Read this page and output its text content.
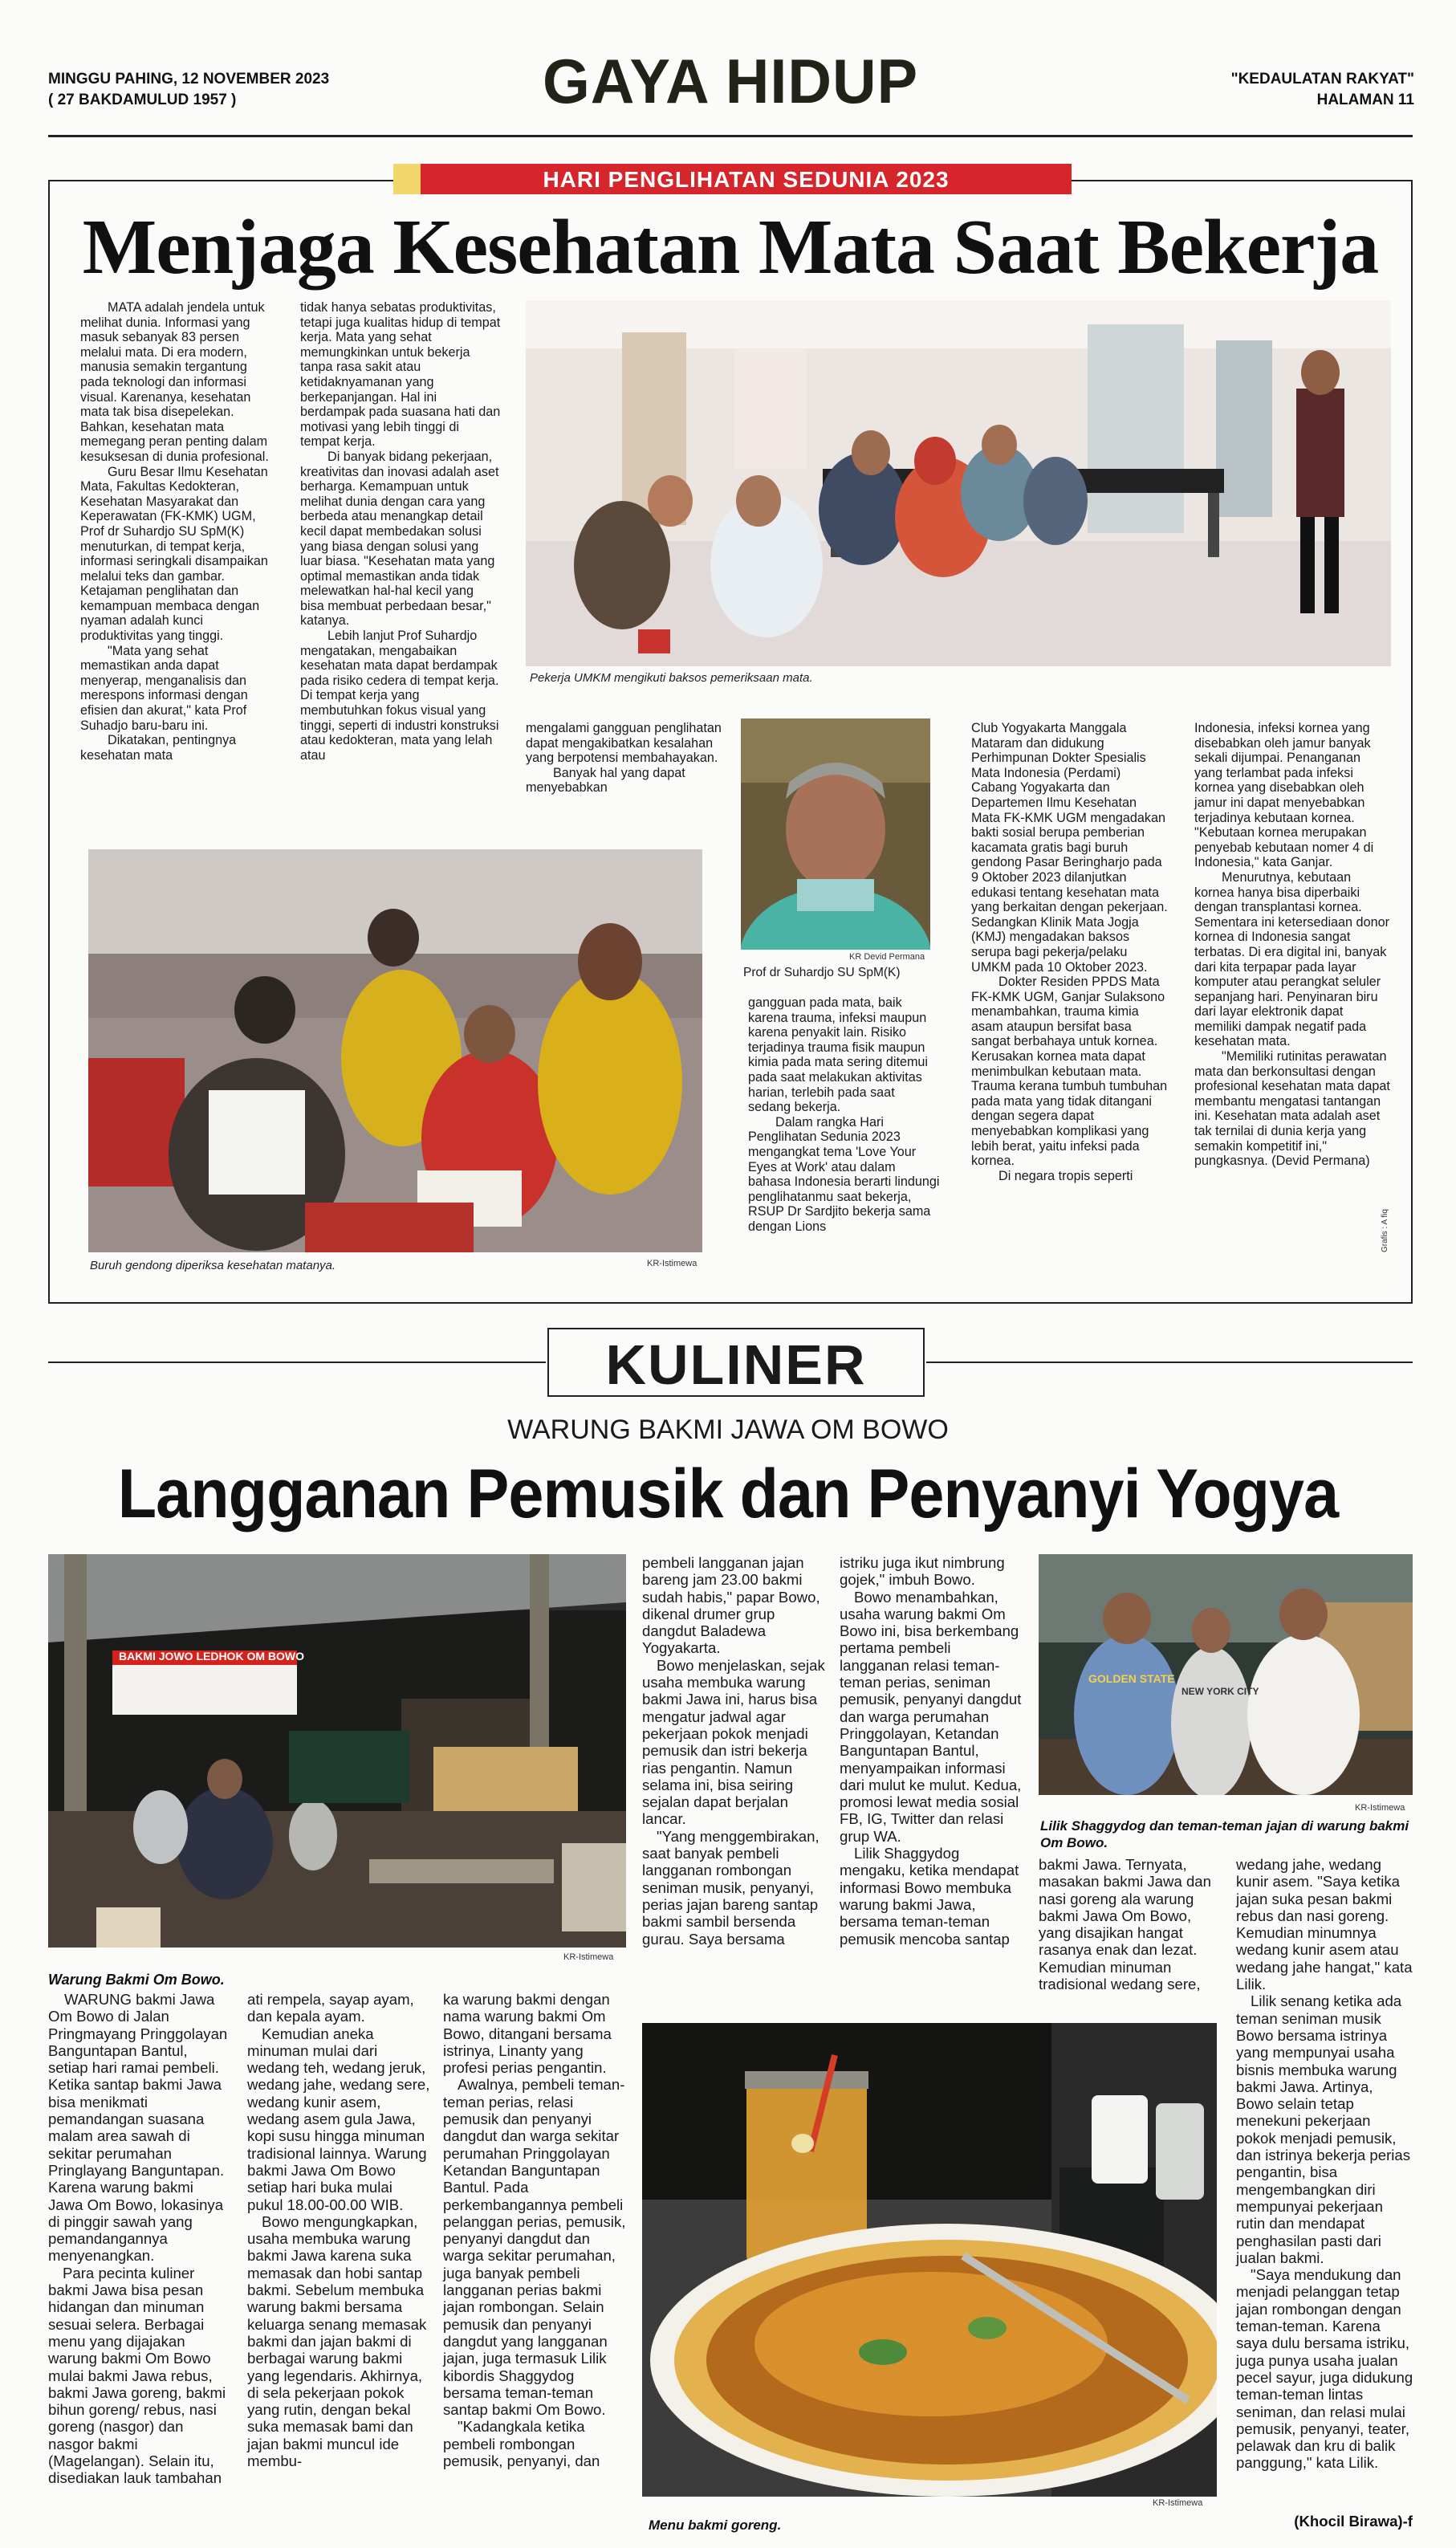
MINGGU PAHING, 12 NOVEMBER 2023
( 27 BAKDAMULUD 1957 )	GAYA HIDUP	"KEDAULATAN RAKYAT"
HALAMAN 11
HARI PENGLIHATAN SEDUNIA 2023
Menjaga Kesehatan Mata Saat Bekerja

MATA adalah jendela untuk melihat dunia. Informasi yang masuk sebanyak 83 persen melalui mata. Di era modern, manusia semakin tergantung pada teknologi dan informasi visual. Karenanya, kesehatan mata tak bisa disepelekan. Bahkan, kesehatan mata memegang peran penting dalam kesuksesan di dunia profesional.

Guru Besar Ilmu Kesehatan Mata, Fakultas Kedokteran, Kesehatan Masyarakat dan Keperawatan (FK-KMK) UGM, Prof dr Suhardjo SU SpM(K) menuturkan, di tempat kerja, informasi seringkali disampaikan melalui teks dan gambar. Ketajaman penglihatan dan kemampuan membaca dengan nyaman adalah kunci produktivitas yang tinggi.

"Mata yang sehat memastikan anda dapat menyerap, menganalisis dan merespons informasi dengan efisien dan akurat," kata Prof Suhadjo baru-baru ini.

Dikatakan, pentingnya kesehatan mata

tidak hanya sebatas produktivitas, tetapi juga kualitas hidup di tempat kerja. Mata yang sehat memungkinkan untuk bekerja tanpa rasa sakit atau ketidaknyamanan yang berkepanjangan. Hal ini berdampak pada suasana hati dan motivasi yang lebih tinggi di tempat kerja.

Di banyak bidang pekerjaan, kreativitas dan inovasi adalah aset berharga. Kemampuan untuk melihat dunia dengan cara yang berbeda atau menangkap detail kecil dapat membedakan solusi yang biasa dengan solusi yang luar biasa. "Kesehatan mata yang optimal memastikan anda tidak melewatkan hal-hal kecil yang bisa membuat perbedaan besar," katanya.

Lebih lanjut Prof Suhardjo mengatakan, mengabaikan kesehatan mata dapat berdampak pada risiko cedera di tempat kerja. Di tempat kerja yang membutuhkan fokus visual yang tinggi, seperti di industri konstruksi atau kedokteran, mata yang lelah atau

Pekerja UMKM mengikuti baksos pemeriksaan mata.

mengalami gangguan penglihatan dapat mengakibatkan kesalahan yang berpotensi membahayakan.

Banyak hal yang dapat menyebabkan

KR Devid Permana
Prof dr Suhardjo SU SpM(K)

gangguan pada mata, baik karena trauma, infeksi maupun karena penyakit lain. Risiko terjadinya trauma fisik maupun kimia pada mata sering ditemui pada saat melakukan aktivitas harian, terlebih pada saat sedang bekerja.

Dalam rangka Hari Penglihatan Sedunia 2023 mengangkat tema 'Love Your Eyes at Work' atau dalam bahasa Indonesia berarti lindungi penglihatanmu saat bekerja, RSUP Dr Sardjito bekerja sama dengan Lions

Club Yogyakarta Manggala Mataram dan didukung Perhimpunan Dokter Spesialis Mata Indonesia (Perdami) Cabang Yogyakarta dan Departemen Ilmu Kesehatan Mata FK-KMK UGM mengadakan bakti sosial berupa pemberian kacamata gratis bagi buruh gendong Pasar Beringharjo pada 9 Oktober 2023 dilanjutkan edukasi tentang kesehatan mata yang berkaitan dengan pekerjaan. Sedangkan Klinik Mata Jogja (KMJ) mengadakan baksos serupa bagi pekerja/pelaku UMKM pada 10 Oktober 2023.

Dokter Residen PPDS Mata FK-KMK UGM, Ganjar Sulaksono menambahkan, trauma kimia asam ataupun bersifat basa sangat berbahaya untuk kornea. Kerusakan kornea mata dapat menimbulkan kebutaan mata. Trauma kerana tumbuh tumbuhan pada mata yang tidak ditangani dengan segera dapat menyebabkan komplikasi yang lebih berat, yaitu infeksi pada kornea.

Di negara tropis seperti

Indonesia, infeksi kornea yang disebabkan oleh jamur banyak sekali dijumpai. Penanganan yang terlambat pada infeksi kornea yang disebabkan oleh jamur ini dapat menyebabkan terjadinya kebutaan kornea. "Kebutaan kornea merupakan penyebab kebutaan nomer 4 di Indonesia," kata Ganjar.

Menurutnya, kebutaan kornea hanya bisa diperbaiki dengan transplantasi kornea. Sementara ini ketersediaan donor kornea di Indonesia sangat terbatas. Di era digital ini, banyak dari kita terpapar pada layar komputer atau perangkat seluler sepanjang hari. Penyinaran biru dari layar elektronik dapat memiliki dampak negatif pada kesehatan mata.

"Memiliki rutinitas perawatan mata dan berkonsultasi dengan profesional kesehatan mata dapat membantu mengatasi tantangan ini. Kesehatan mata adalah aset tak ternilai di dunia kerja yang semakin kompetitif ini," pungkasnya. (Devid Permana)

Buruh gendong diperiksa kesehatan matanya.	KR-Istimewa
Grafis : A fiq
KULINER
WARUNG BAKMI JAWA OM BOWO
Langganan Pemusik dan Penyanyi Yogya
BAKMI JOWO LEDHOK OM BOWO
KR-Istimewa
Warung Bakmi Om Bowo.

WARUNG bakmi Jawa Om Bowo di Jalan Pringmayang Pringgolayan Banguntapan Bantul, setiap hari ramai pembeli. Ketika santap bakmi Jawa bisa menikmati pemandangan suasana malam area sawah di sekitar perumahan Pringlayang Banguntapan. Karena warung bakmi Jawa Om Bowo, lokasinya di pinggir sawah yang pemandangannya menyenangkan.

Para pecinta kuliner bakmi Jawa bisa pesan hidangan dan minuman sesuai selera. Berbagai menu yang dijajakan warung bakmi Om Bowo mulai bakmi Jawa rebus, bakmi Jawa goreng, bakmi bihun goreng/ rebus, nasi goreng (nasgor) dan nasgor bakmi (Magelangan). Selain itu, disediakan lauk tambahan

ati rempela, sayap ayam, dan kepala ayam.

Kemudian aneka minuman mulai dari wedang teh, wedang jeruk, wedang jahe, wedang sere, wedang kunir asem, wedang asem gula Jawa, kopi susu hingga minuman tradisional lainnya. Warung bakmi Jawa Om Bowo setiap hari buka mulai pukul 18.00-00.00 WIB.

Bowo mengungkapkan, usaha membuka warung bakmi Jawa karena suka memasak dan hobi santap bakmi. Sebelum membuka warung bakmi bersama keluarga senang memasak bakmi dan jajan bakmi di berbagai warung bakmi yang legendaris. Akhirnya, di sela pekerjaan pokok yang rutin, dengan bekal suka memasak bami dan jajan bakmi muncul ide membu-

ka warung bakmi dengan nama warung bakmi Om Bowo, ditangani bersama istrinya, Linanty yang profesi perias pengantin.

Awalnya, pembeli teman-teman perias, relasi pemusik dan penyanyi dangdut dan warga sekitar perumahan Pringgolayan Ketandan Banguntapan Bantul. Pada perkembangannya pembeli pelanggan perias, pemusik, penyanyi dangdut dan warga sekitar perumahan, juga banyak pembeli langganan perias bakmi jajan rombongan. Selain pemusik dan penyanyi dangdut yang langganan jajan, juga termasuk Lilik kibordis Shaggydog bersama teman-teman santap bakmi Om Bowo.

"Kadangkala ketika pembeli rombongan pemusik, penyanyi, dan

pembeli langganan jajan bareng jam 23.00 bakmi sudah habis," papar Bowo, dikenal drumer grup dangdut Baladewa Yogyakarta.

Bowo menjelaskan, sejak usaha membuka warung bakmi Jawa ini, harus bisa mengatur jadwal agar pekerjaan pokok menjadi pemusik dan istri bekerja rias pengantin. Namun selama ini, bisa seiring sejalan dapat berjalan lancar.

"Yang menggembirakan, saat banyak pembeli langganan rombongan seniman musik, penyanyi, perias jajan bareng santap bakmi sambil bersenda gurau. Saya bersama

istriku juga ikut nimbrung gojek," imbuh Bowo.

Bowo menambahkan, usaha warung bakmi Om Bowo ini, bisa berkembang pertama pembeli langganan relasi teman-teman perias, seniman pemusik, penyanyi dangdut dan warga perumahan Pringgolayan, Ketandan Banguntapan Bantul, menyampaikan informasi dari mulut ke mulut. Kedua, promosi lewat media sosial FB, IG, Twitter dan relasi grup WA.

Lilik Shaggydog mengaku, ketika mendapat informasi Bowo membuka warung bakmi Jawa, bersama teman-teman pemusik mencoba santap

GOLDEN STATE
NEW YORK CITY
KR-Istimewa
Lilik Shaggydog dan teman-teman jajan di warung bakmi Om Bowo.

bakmi Jawa. Ternyata, masakan bakmi Jawa dan nasi goreng ala warung bakmi Jawa Om Bowo, yang disajikan hangat rasanya enak dan lezat. Kemudian minuman tradisional wedang sere,

wedang jahe, wedang kunir asem. "Saya ketika jajan suka pesan bakmi rebus dan nasi goreng. Kemudian minumnya wedang kunir asem atau wedang jahe hangat," kata Lilik.

Lilik senang ketika ada teman seniman musik Bowo bersama istrinya yang mempunyai usaha bisnis membuka warung bakmi Jawa. Artinya, Bowo selain tetap menekuni pekerjaan pokok menjadi pemusik, dan istrinya bekerja perias pengantin, bisa mengembangkan diri mempunyai pekerjaan rutin dan mendapat penghasilan pasti dari jualan bakmi.

"Saya mendukung dan menjadi pelanggan tetap jajan rombongan dengan teman-teman. Karena saya dulu bersama istriku, juga punya usaha jualan pecel sayur, juga didukung teman-teman lintas seniman, dan relasi mulai pemusik, penyanyi, teater, pelawak dan kru di balik panggung," kata Lilik.

(Khocil Birawa)-f
KR-Istimewa
Menu bakmi goreng.
